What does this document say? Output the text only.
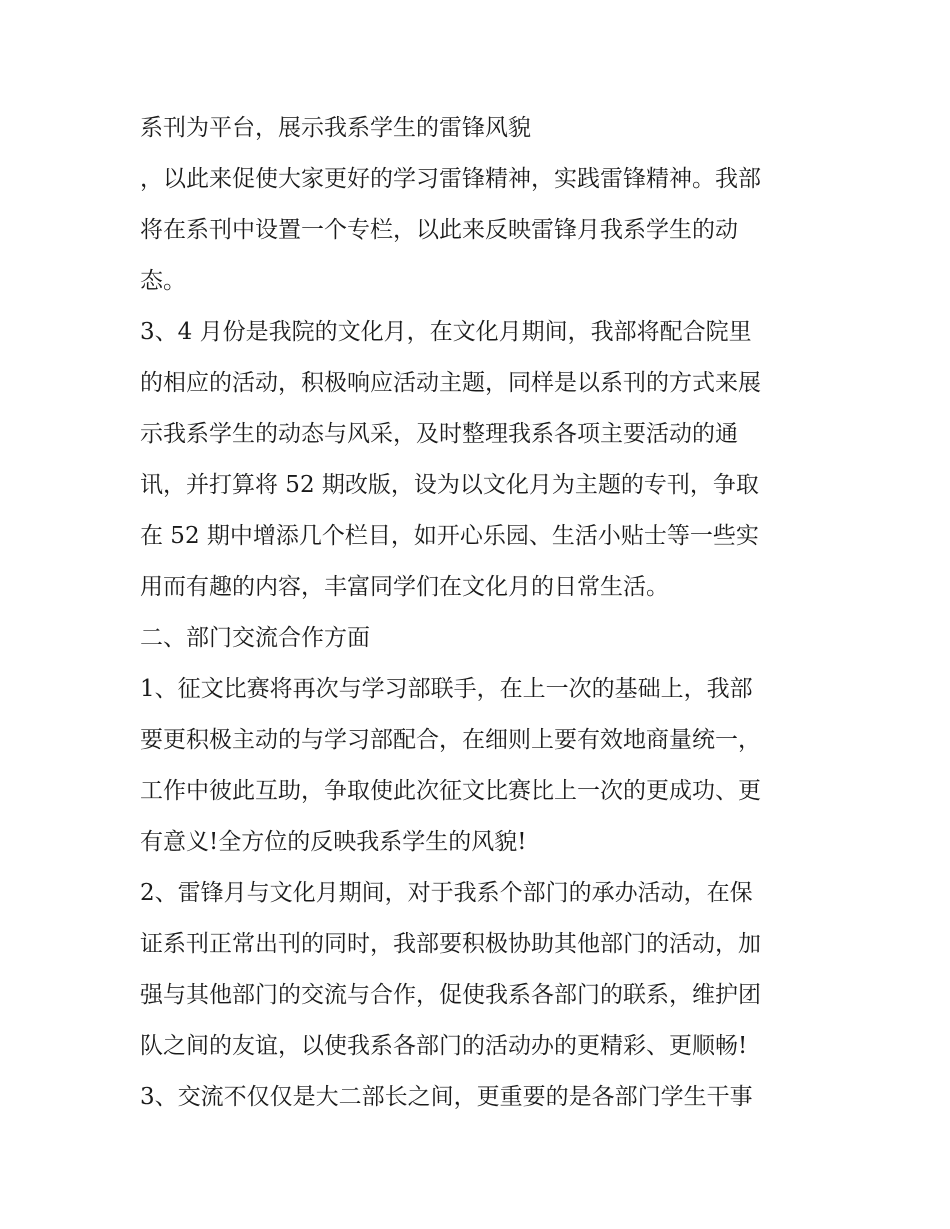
系刊为平台，展示我系学生的雷锋风貌
，以此来促使大家更好的学习雷锋精神，实践雷锋精神。我部
将在系刊中设置一个专栏，以此来反映雷锋月我系学生的动
态。
3、4 月份是我院的文化月，在文化月期间，我部将配合院里
的相应的活动，积极响应活动主题，同样是以系刊的方式来展
示我系学生的动态与风采，及时整理我系各项主要活动的通
讯，并打算将 52 期改版，设为以文化月为主题的专刊，争取
在 52 期中增添几个栏目，如开心乐园、生活小贴士等一些实
用而有趣的内容，丰富同学们在文化月的日常生活。
二、部门交流合作方面
1、征文比赛将再次与学习部联手，在上一次的基础上，我部
要更积极主动的与学习部配合，在细则上要有效地商量统一，
工作中彼此互助，争取使此次征文比赛比上一次的更成功、更
有意义!全方位的反映我系学生的风貌!
2、雷锋月与文化月期间，对于我系个部门的承办活动，在保
证系刊正常出刊的同时，我部要积极协助其他部门的活动，加
强与其他部门的交流与合作，促使我系各部门的联系，维护团
队之间的友谊，以使我系各部门的活动办的更精彩、更顺畅!
3、交流不仅仅是大二部长之间，更重要的是各部门学生干事
